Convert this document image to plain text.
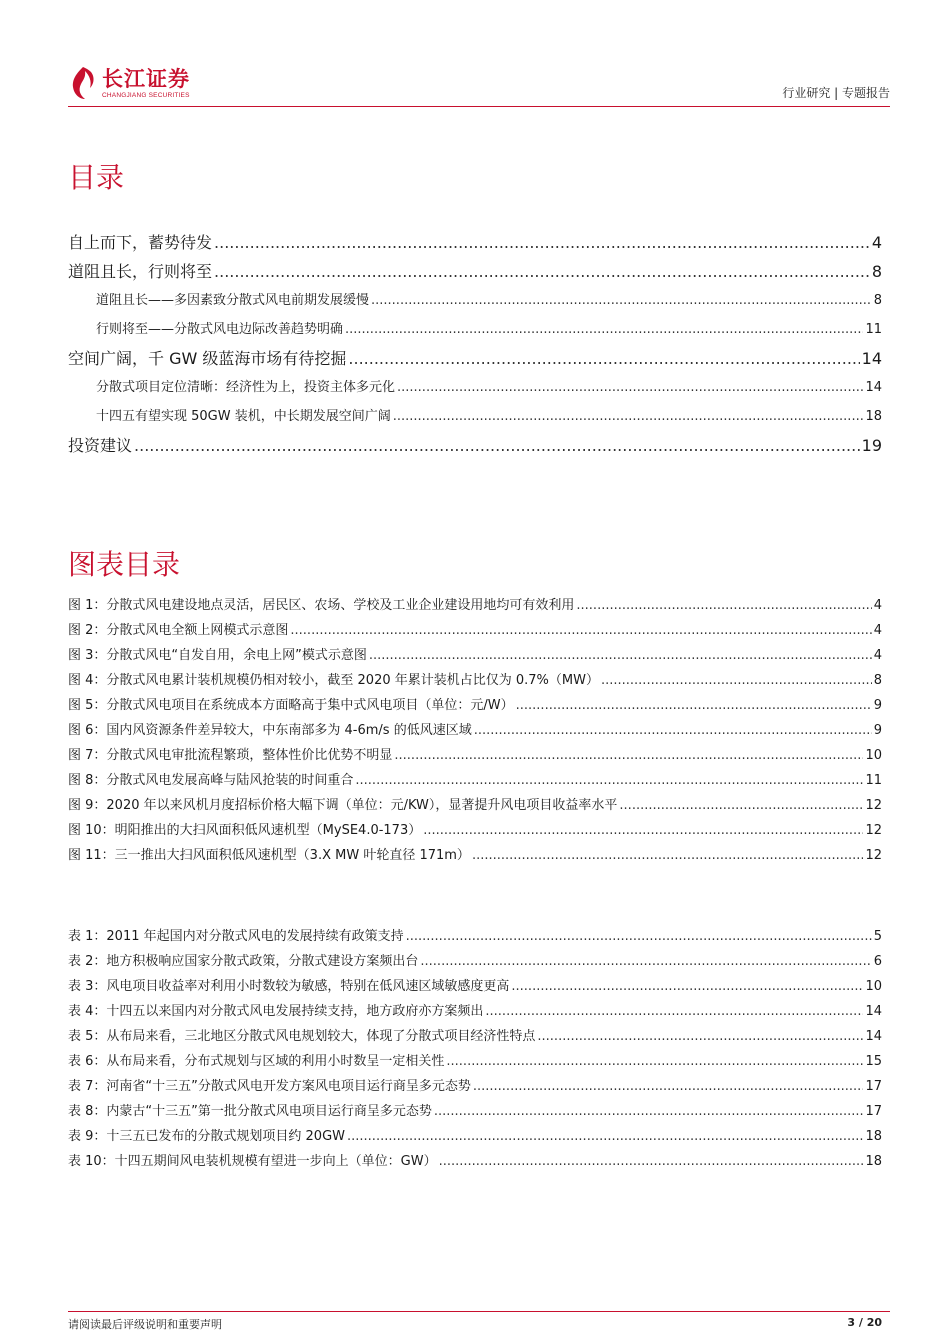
长江证券
CHANGJIANG SECURITIES	行业研究 | 专题报告
目录
自上而下，蓄势待发 .....	4
道阻且长，行则将至 .....	8
道阻且长——多因素致分散式风电前期发展缓慢 .....	8
行则将至——分散式风电边际改善趋势明确 .....	11
空间广阔，千 GW 级蓝海市场有待挖掘 .....	14
分散式项目定位清晰：经济性为上，投资主体多元化 .....	14
十四五有望实现 50GW 装机，中长期发展空间广阔 .....	18
投资建议 .....	19
图表目录
图 1：分散式风电建设地点灵活，居民区、农场、学校及工业企业建设用地均可有效利用 .....	4
图 2：分散式风电全额上网模式示意图 .....	4
图 3：分散式风电“自发自用，余电上网”模式示意图 .....	4
图 4：分散式风电累计装机规模仍相对较小，截至 2020 年累计装机占比仅为 0.7%（MW） .....	8
图 5：分散式风电项目在系统成本方面略高于集中式风电项目（单位：元/W） .....	9
图 6：国内风资源条件差异较大，中东南部多为 4-6m/s 的低风速区域 .....	9
图 7：分散式风电审批流程繁琐，整体性价比优势不明显 .....	10
图 8：分散式风电发展高峰与陆风抢装的时间重合 .....	11
图 9：2020 年以来风机月度招标价格大幅下调（单位：元/KW），显著提升风电项目收益率水平 .....	12
图 10：明阳推出的大扫风面积低风速机型（MySE4.0-173） .....	12
图 11：三一推出大扫风面积低风速机型（3.X MW 叶轮直径 171m） .....	12
表 1：2011 年起国内对分散式风电的发展持续有政策支持 .....	5
表 2：地方积极响应国家分散式政策，分散式建设方案频出台 .....	6
表 3：风电项目收益率对利用小时数较为敏感，特别在低风速区域敏感度更高 .....	10
表 4：十四五以来国内对分散式风电发展持续支持，地方政府亦方案频出 .....	14
表 5：从布局来看，三北地区分散式风电规划较大，体现了分散式项目经济性特点 .....	14
表 6：从布局来看，分布式规划与区域的利用小时数呈一定相关性 .....	15
表 7：河南省“十三五”分散式风电开发方案风电项目运行商呈多元态势 .....	17
表 8：内蒙古“十三五”第一批分散式风电项目运行商呈多元态势 .....	17
表 9：十三五已发布的分散式规划项目约 20GW .....	18
表 10：十四五期间风电装机规模有望进一步向上（单位：GW） .....	18
请阅读最后评级说明和重要声明	3 / 20
